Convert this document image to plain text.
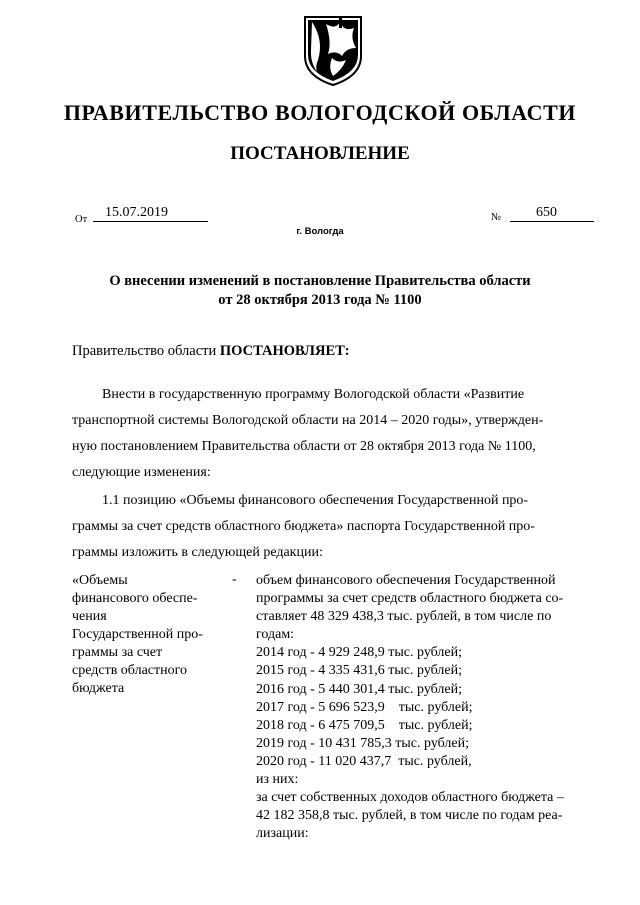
ПРАВИТЕЛЬСТВО ВОЛОГОДСКОЙ ОБЛАСТИ
ПОСТАНОВЛЕНИЕ
От	15.07.2019	№	650
г. Вологда
О внесении изменений в постановление Правительства области
от 28 октября 2013 года № 1100
Правительство области ПОСТАНОВЛЯЕТ:
Внести в государственную программу Вологодской области «Развитие
транспортной системы Вологодской области на 2014 – 2020 годы», утвержден-
ную постановлением Правительства области от 28 октября 2013 года № 1100,
следующие изменения:
1.1 позицию «Объемы финансового обеспечения Государственной про-
граммы за счет средств областного бюджета» паспорта Государственной про-
граммы изложить в следующей редакции:
«Объемы
финансового обеспе-
чения
Государственной про-
граммы за счет
средств областного
бюджета
- объем финансового обеспечения Государственной
программы за счет средств областного бюджета со-
ставляет 48 329 438,3 тыс. рублей, в том числе по
годам:
2014 год - 4 929 248,9 тыс. рублей;
2015 год - 4 335 431,6 тыс. рублей;
2016 год - 5 440 301,4 тыс. рублей;
2017 год - 5 696 523,9    тыс. рублей;
2018 год - 6 475 709,5    тыс. рублей;
2019 год - 10 431 785,3 тыс. рублей;
2020 год - 11 020 437,7  тыс. рублей,
из них:
за счет собственных доходов областного бюджета –
42 182 358,8 тыс. рублей, в том числе по годам реа-
лизации:
